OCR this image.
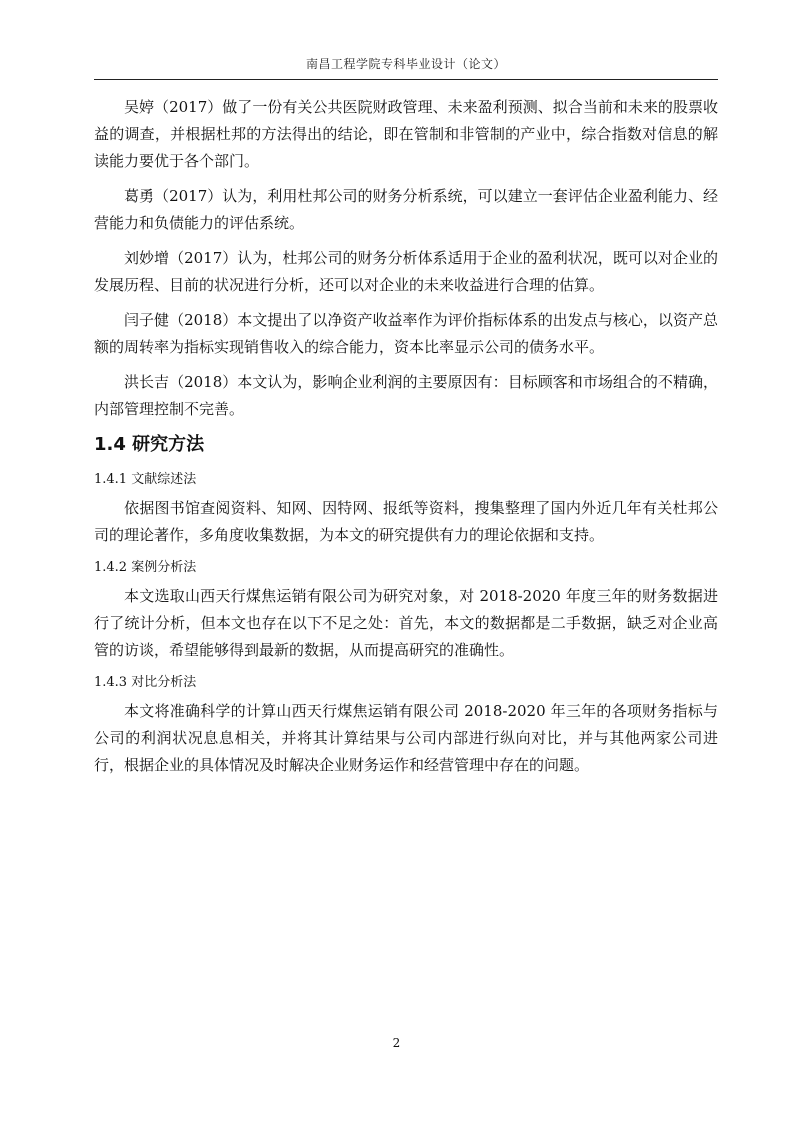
南昌工程学院专科毕业设计（论文）

吴婷（2017）做了一份有关公共医院财政管理、未来盈利预测、拟合当前和未来的股票收益的调查，并根据杜邦的方法得出的结论，即在管制和非管制的产业中，综合指数对信息的解读能力要优于各个部门。

葛勇（2017）认为，利用杜邦公司的财务分析系统，可以建立一套评估企业盈利能力、经营能力和负债能力的评估系统。

刘妙增（2017）认为，杜邦公司的财务分析体系适用于企业的盈利状况，既可以对企业的发展历程、目前的状况进行分析，还可以对企业的未来收益进行合理的估算。

闫子健（2018）本文提出了以净资产收益率作为评价指标体系的出发点与核心，以资产总额的周转率为指标实现销售收入的综合能力，资本比率显示公司的债务水平。

洪长吉（2018）本文认为，影响企业利润的主要原因有：目标顾客和市场组合的不精确，内部管理控制不完善。

1.4 研究方法
1.4.1 文献综述法

依据图书馆查阅资料、知网、因特网、报纸等资料，搜集整理了国内外近几年有关杜邦公司的理论著作，多角度收集数据，为本文的研究提供有力的理论依据和支持。

1.4.2 案例分析法

本文选取山西天行煤焦运销有限公司为研究对象，对 2018-2020 年度三年的财务数据进行了统计分析，但本文也存在以下不足之处：首先，本文的数据都是二手数据，缺乏对企业高管的访谈，希望能够得到最新的数据，从而提高研究的准确性。

1.4.3 对比分析法

本文将准确科学的计算山西天行煤焦运销有限公司 2018-2020 年三年的各项财务指标与公司的利润状况息息相关，并将其计算结果与公司内部进行纵向对比，并与其他两家公司进行，根据企业的具体情况及时解决企业财务运作和经营管理中存在的问题。

2
